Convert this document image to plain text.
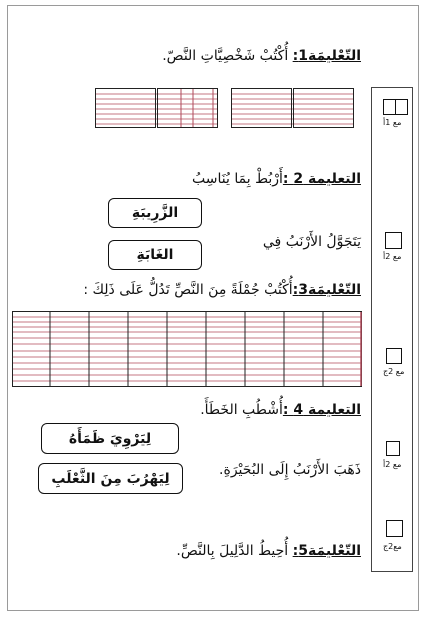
التّعْليمَة1: أُكْتُبْ شَخْصِيَّاتِ النَّصّ.
التعليمة 2 :أَرْبُطْ بِمَا يُنَاسِبُ
الزَّرِيبَةِ
الغَابَةِ
يَتَجَوَّلُ الأَرْنَبُ فِي
التّعْليمَة3:أُكْتُبْ جُمْلَةً مِنَ النَّصِّ تَدُلُّ عَلَى ذَلِكَ :
التعليمة 4 :أُشْطُبِ الخَطَأَ.
لِيَرْوِيَ ظَمَأَهُ
لِيَهْرُبَ مِنَ الثَّعْلَبِ
ذَهَبَ الأَرْنَبُ إِلَى البُحَيْرَةِ.
التّعْليمَة5: أُحِيطُ الدَّلِيلَ بِالنَّصِّ.
مع 1أ
مع 2أ
مع 2ج
مع 2أ
مع2ج
